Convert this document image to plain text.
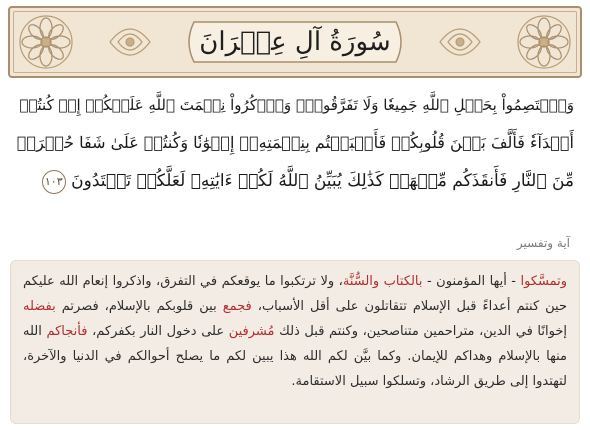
سُورَةُ آلِ عِمۡرَانَ
وَٱعۡتَصِمُواْ بِحَبۡلِ ٱللَّهِ جَمِيعٗا وَلَا تَفَرَّقُواْۚ وَٱذۡكُرُواْ نِعۡمَتَ ٱللَّهِ عَلَيۡكُمۡ إِذۡ كُنتُمۡ
أَعۡدَآءٗ فَأَلَّفَ بَيۡنَ قُلُوبِكُمۡ فَأَصۡبَحۡتُم بِنِعۡمَتِهِۦٓ إِخۡوَٰنٗا وَكُنتُمۡ عَلَىٰ شَفَا حُفۡرَةٖ
مِّنَ ٱلنَّارِ فَأَنقَذَكُم مِّنۡهَاۗ كَذَٰلِكَ يُبَيِّنُ ٱللَّهُ لَكُمۡ ءَايَٰتِهِۦ لَعَلَّكُمۡ تَهۡتَدُونَ ١٠٣
آية وتفسير

وتمسَّكوا - أيها المؤمنون - بالكتاب والسُّنَّة، ولا ترتكبوا ما يوقعكم في التفرق، واذكروا إنعام الله عليكم حين كنتم أعداءً قبل الإسلام تتقاتلون على أقل الأسباب، فجمع بين قلوبكم بالإسلام، فصرتم بفضله إخوانًا في الدين، متراحمين متناصحين، وكنتم قبل ذلك مُشرفين على دخول النار بكفركم، فأنجاكم الله منها بالإسلام وهداكم للإيمان. وكما بيَّن لكم الله هذا يبين لكم ما يصلح أحوالكم في الدنيا والآخرة، لتهتدوا إلى طريق الرشاد، وتسلكوا سبيل الاستقامة.
